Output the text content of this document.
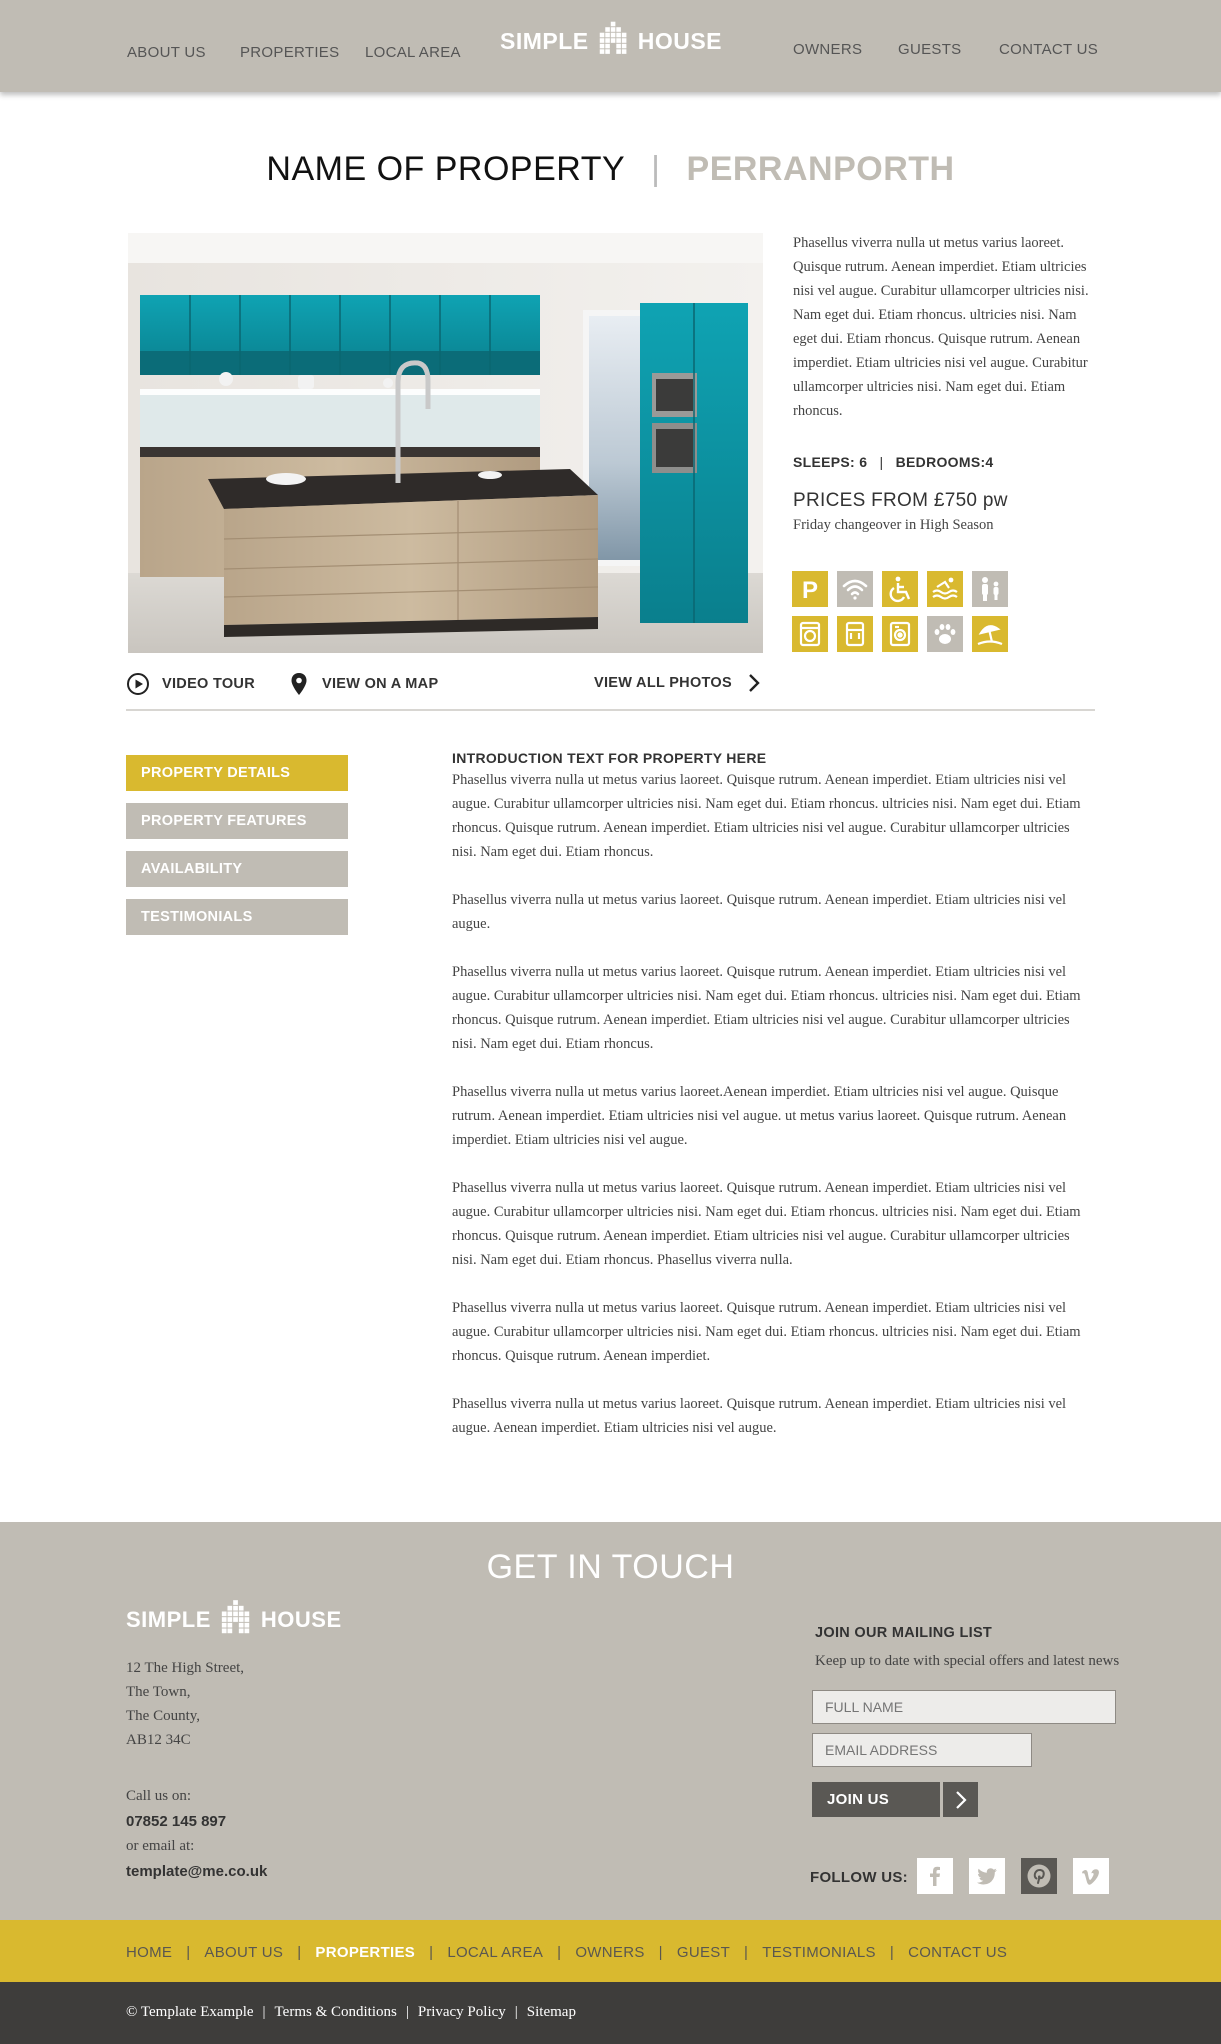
ABOUT US PROPERTIES LOCAL AREA SIMPLE HOUSE	OWNERS GUESTS	CONTACT US
NAME OF PROPERTY | PERRANPORTH
Phasellus viverra nulla ut metus varius laoreet. Quisque rutrum. Aenean imperdiet. Etiam ultricies nisi vel augue. Curabitur ullamcorper ultricies nisi. Nam eget dui. Etiam rhoncus. ultricies nisi. Nam eget dui. Etiam rhoncus. Quisque rutrum. Aenean imperdiet. Etiam ultricies nisi vel augue. Curabitur ullamcorper ultricies nisi. Nam eget dui. Etiam rhoncus.
SLEEPS: 6 | BEDROOMS:4
PRICES FROM £750 pw
Friday changeover in High Season
P
VIDEO TOUR	VIEW ON A MAP	VIEW ALL PHOTOS
PROPERTY DETAILS
PROPERTY FEATURES
AVAILABILITY
TESTIMONIALS
INTRODUCTION TEXT FOR PROPERTY HERE

Phasellus viverra nulla ut metus varius laoreet. Quisque rutrum. Aenean imperdiet. Etiam ultricies nisi vel augue. Curabitur ullamcorper ultricies nisi. Nam eget dui. Etiam rhoncus. ultricies nisi. Nam eget dui. Etiam rhoncus. Quisque rutrum. Aenean imperdiet. Etiam ultricies nisi vel augue. Curabitur ullamcorper ultricies nisi. Nam eget dui. Etiam rhoncus.

Phasellus viverra nulla ut metus varius laoreet. Quisque rutrum. Aenean imperdiet. Etiam ultricies nisi vel augue.

Phasellus viverra nulla ut metus varius laoreet. Quisque rutrum. Aenean imperdiet. Etiam ultricies nisi vel augue. Curabitur ullamcorper ultricies nisi. Nam eget dui. Etiam rhoncus. ultricies nisi. Nam eget dui. Etiam rhoncus. Quisque rutrum. Aenean imperdiet. Etiam ultricies nisi vel augue. Curabitur ullamcorper ultricies nisi. Nam eget dui. Etiam rhoncus.

Phasellus viverra nulla ut metus varius laoreet.Aenean imperdiet. Etiam ultricies nisi vel augue. Quisque rutrum. Aenean imperdiet. Etiam ultricies nisi vel augue. ut metus varius laoreet. Quisque rutrum. Aenean imperdiet. Etiam ultricies nisi vel augue.

Phasellus viverra nulla ut metus varius laoreet. Quisque rutrum. Aenean imperdiet. Etiam ultricies nisi vel augue. Curabitur ullamcorper ultricies nisi. Nam eget dui. Etiam rhoncus. ultricies nisi. Nam eget dui. Etiam rhoncus. Quisque rutrum. Aenean imperdiet. Etiam ultricies nisi vel augue. Curabitur ullamcorper ultricies nisi. Nam eget dui. Etiam rhoncus. Phasellus viverra nulla.

Phasellus viverra nulla ut metus varius laoreet. Quisque rutrum. Aenean imperdiet. Etiam ultricies nisi vel augue. Curabitur ullamcorper ultricies nisi. Nam eget dui. Etiam rhoncus. ultricies nisi. Nam eget dui. Etiam rhoncus. Quisque rutrum. Aenean imperdiet.

Phasellus viverra nulla ut metus varius laoreet. Quisque rutrum. Aenean imperdiet. Etiam ultricies nisi vel augue. Aenean imperdiet. Etiam ultricies nisi vel augue.

GET IN TOUCH
SIMPLE HOUSE
12 The High Street,
The Town,
The County,
AB12 34C
Call us on:
07852 145 897
or email at:
template@me.co.uk
JOIN OUR MAILING LIST
Keep up to date with special offers and latest news
FULL NAME
EMAIL ADDRESS
JOIN US
FOLLOW US:
HOME | ABOUT US | PROPERTIES | LOCAL AREA | OWNERS | GUEST | TESTIMONIALS | CONTACT US
© Template Example | Terms & Conditions | Privacy Policy | Sitemap
